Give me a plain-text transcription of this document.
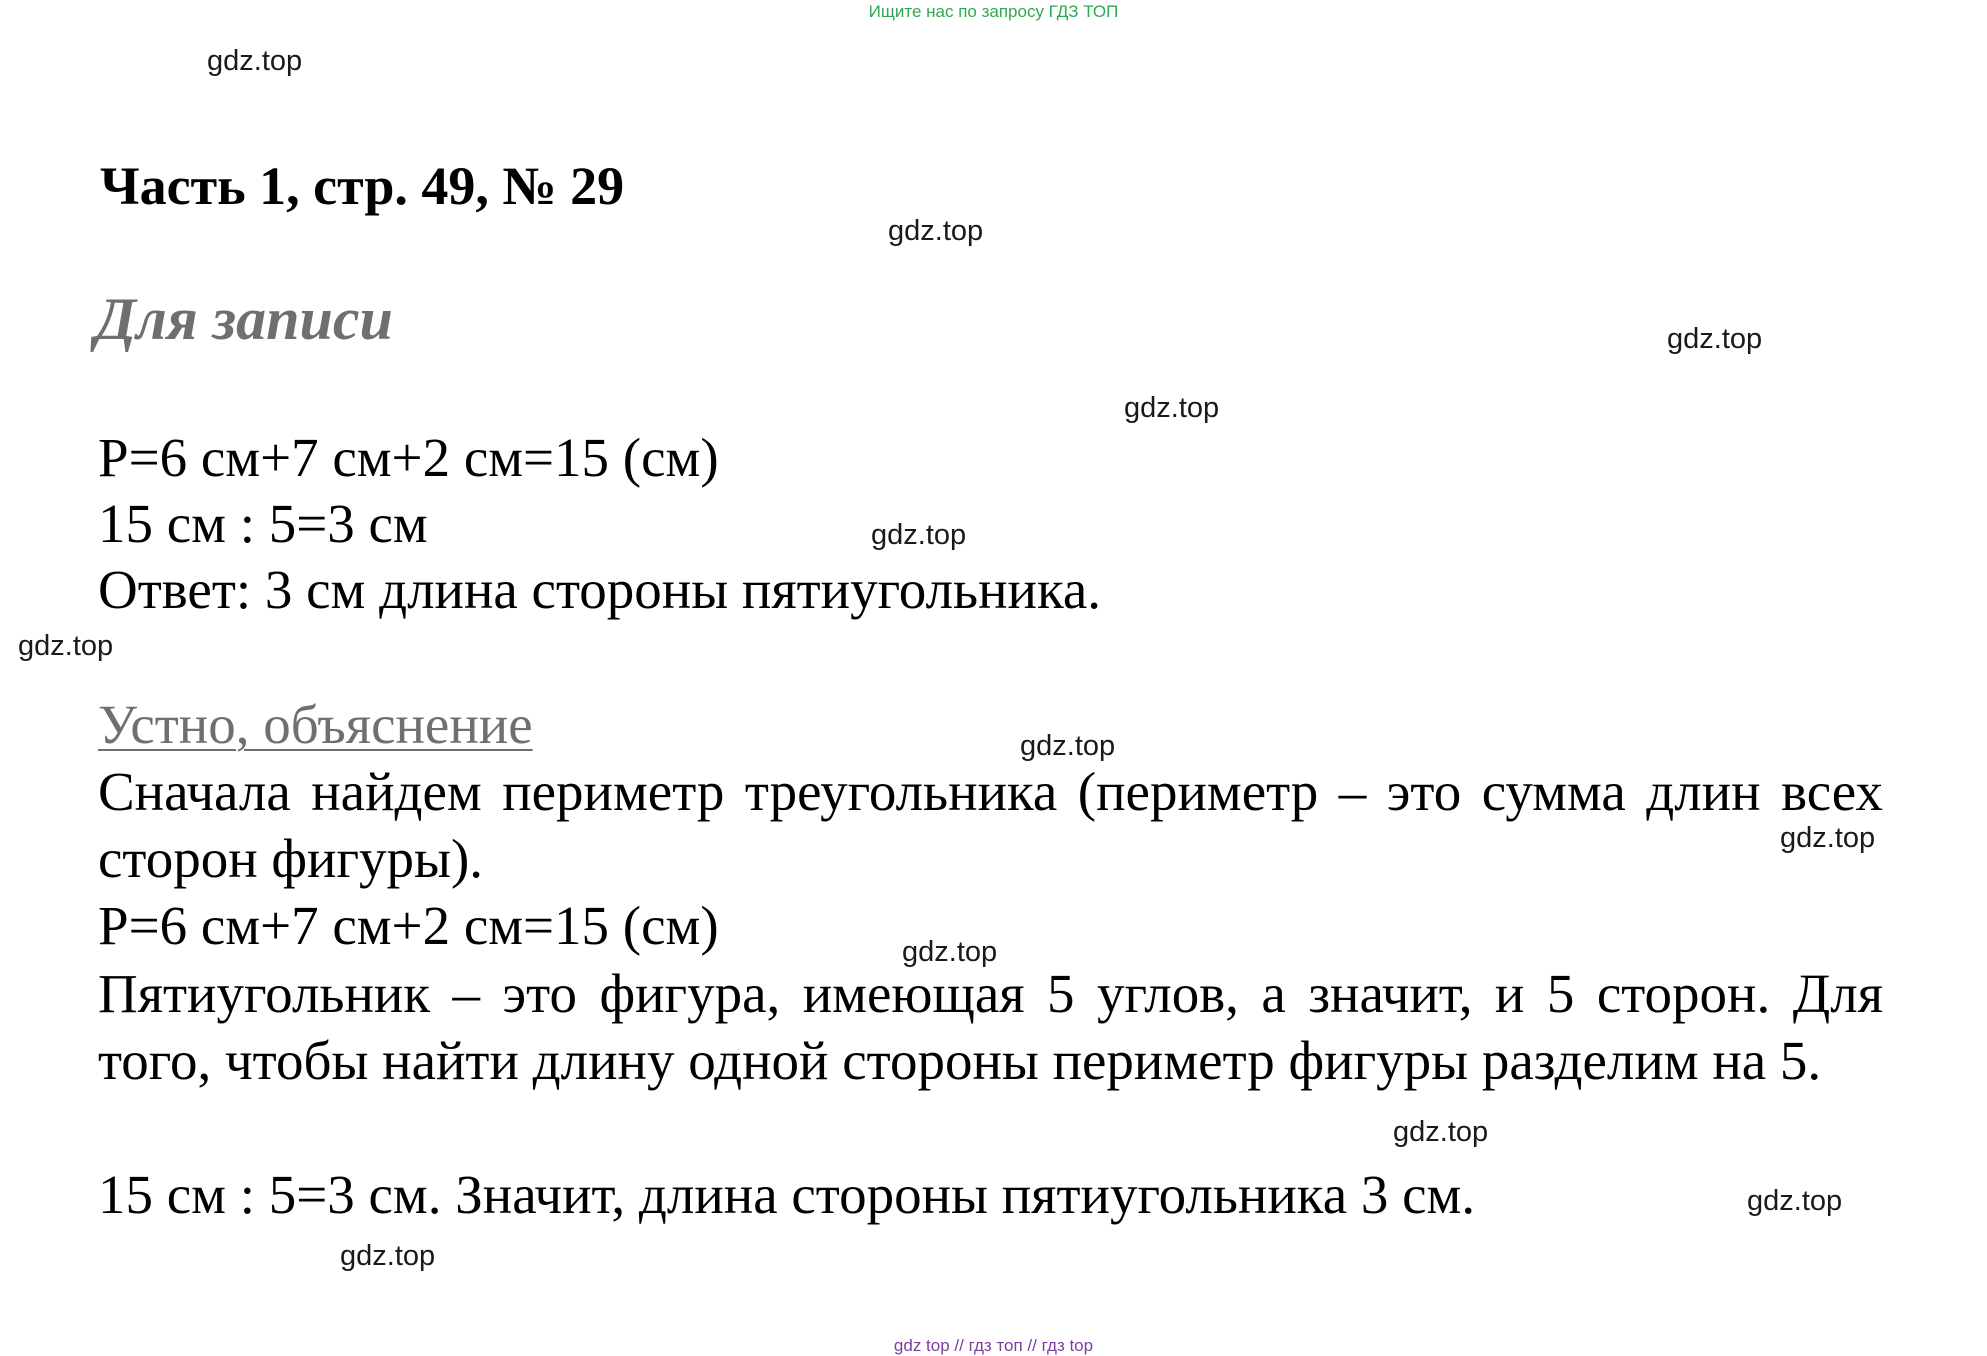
Ищите нас по запросу ГДЗ ТОП
gdz.top
gdz.top
gdz.top
gdz.top
gdz.top
gdz.top
gdz.top
gdz.top
gdz.top
gdz.top
gdz.top
gdz.top
Часть 1, стр. 49, № 29
Для записи
P=6 см+7 см+2 см=15 (см)
15 см : 5=3 см
Ответ: 3 см длина стороны пятиугольника.
Устно, объяснение
Сначала найдем периметр треугольника (периметр – это сумма длин всех сторон фигуры).
P=6 см+7 см+2 см=15 (см)
Пятиугольник – это фигура, имеющая 5 углов, а значит, и 5 сторон. Для того, чтобы найти длину одной стороны периметр фигуры разделим на 5.
15 см : 5=3 см. Значит, длина стороны пятиугольника 3 см.
gdz top // гдз топ // гдз top
